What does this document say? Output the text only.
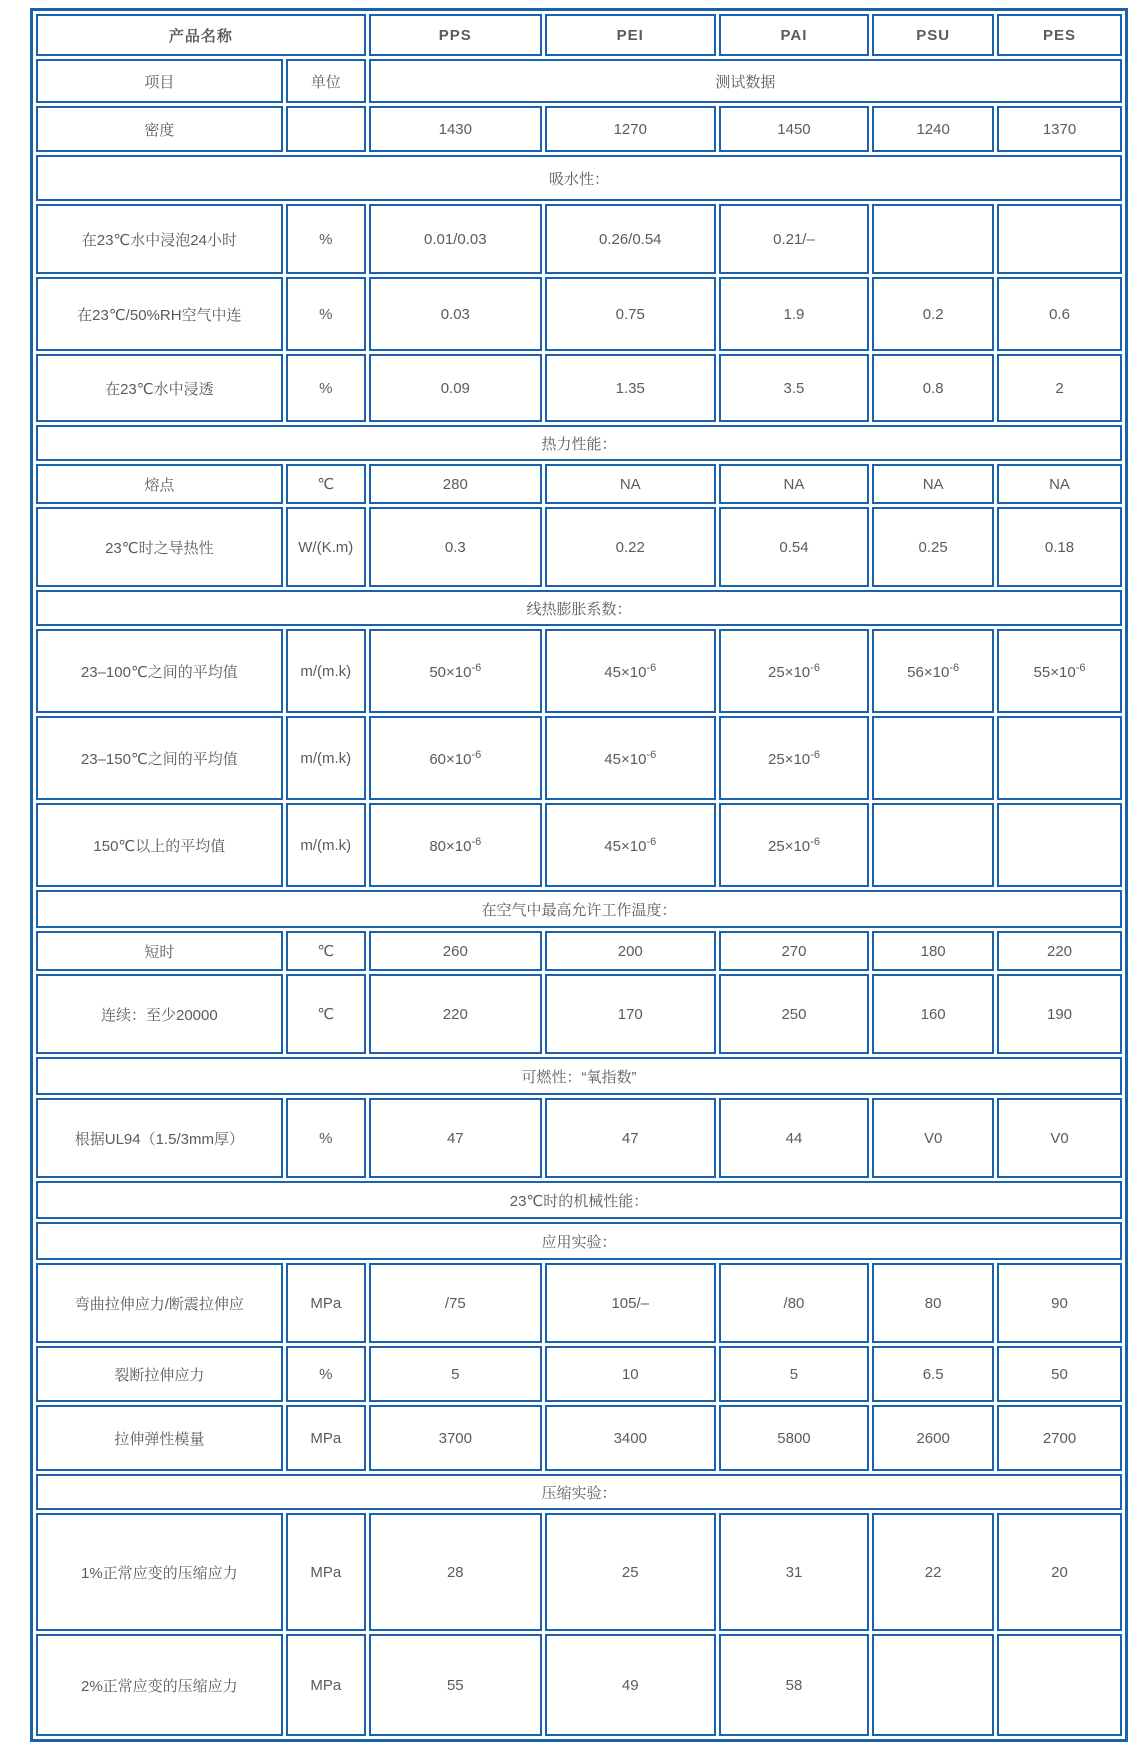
产品名称		PPS	PEI	PAI	PSU	PES
项目	单位	测试数据				
密度		1430	1270	1450	1240	1370
吸水性：						
在23℃水中浸泡24小时	%	0.01/0.03	0.26/0.54	0.21/–		
在23℃/50%RH空气中连	%	0.03	0.75	1.9	0.2	0.6
在23℃水中浸透	%	0.09	1.35	3.5	0.8	2
热力性能：						
熔点	℃	280	NA	NA	NA	NA
23℃时之导热性	W/(K.m)	0.3	0.22	0.54	0.25	0.18
线热膨胀系数：						
23–100℃之间的平均值	m/(m.k)	$50\times 10^{-6}$	$45\times 10^{-6}$	$25\times 10^{-6}$	$56\times 10^{-6}$	$55\times 10^{-6}$
23–150℃之间的平均值	m/(m.k)	$60\times 10^{-6}$	$45\times 10^{-6}$	$25\times 10^{-6}$		
150℃以上的平均值	m/(m.k)	$80\times 10^{-6}$	$45\times 10^{-6}$	$25\times 10^{-6}$		
在空气中最高允许工作温度：						
短时	℃	260	200	270	180	220
连续：至少20000	℃	220	170	250	160	190
可燃性：“氧指数”						
根据UL94（1.5/3mm厚）	%	47	47	44	V0	V0
23℃时的机械性能：						
应用实验：						
弯曲拉伸应力/断震拉伸应	MPa	/75	105/–	/80	80	90
裂断拉伸应力	%	5	10	5	6.5	50
拉伸弹性模量	MPa	3700	3400	5800	2600	2700
压缩实验：						
1%正常应变的压缩应力	MPa	28	25	31	22	20
2%正常应变的压缩应力	MPa	55	49	58		
